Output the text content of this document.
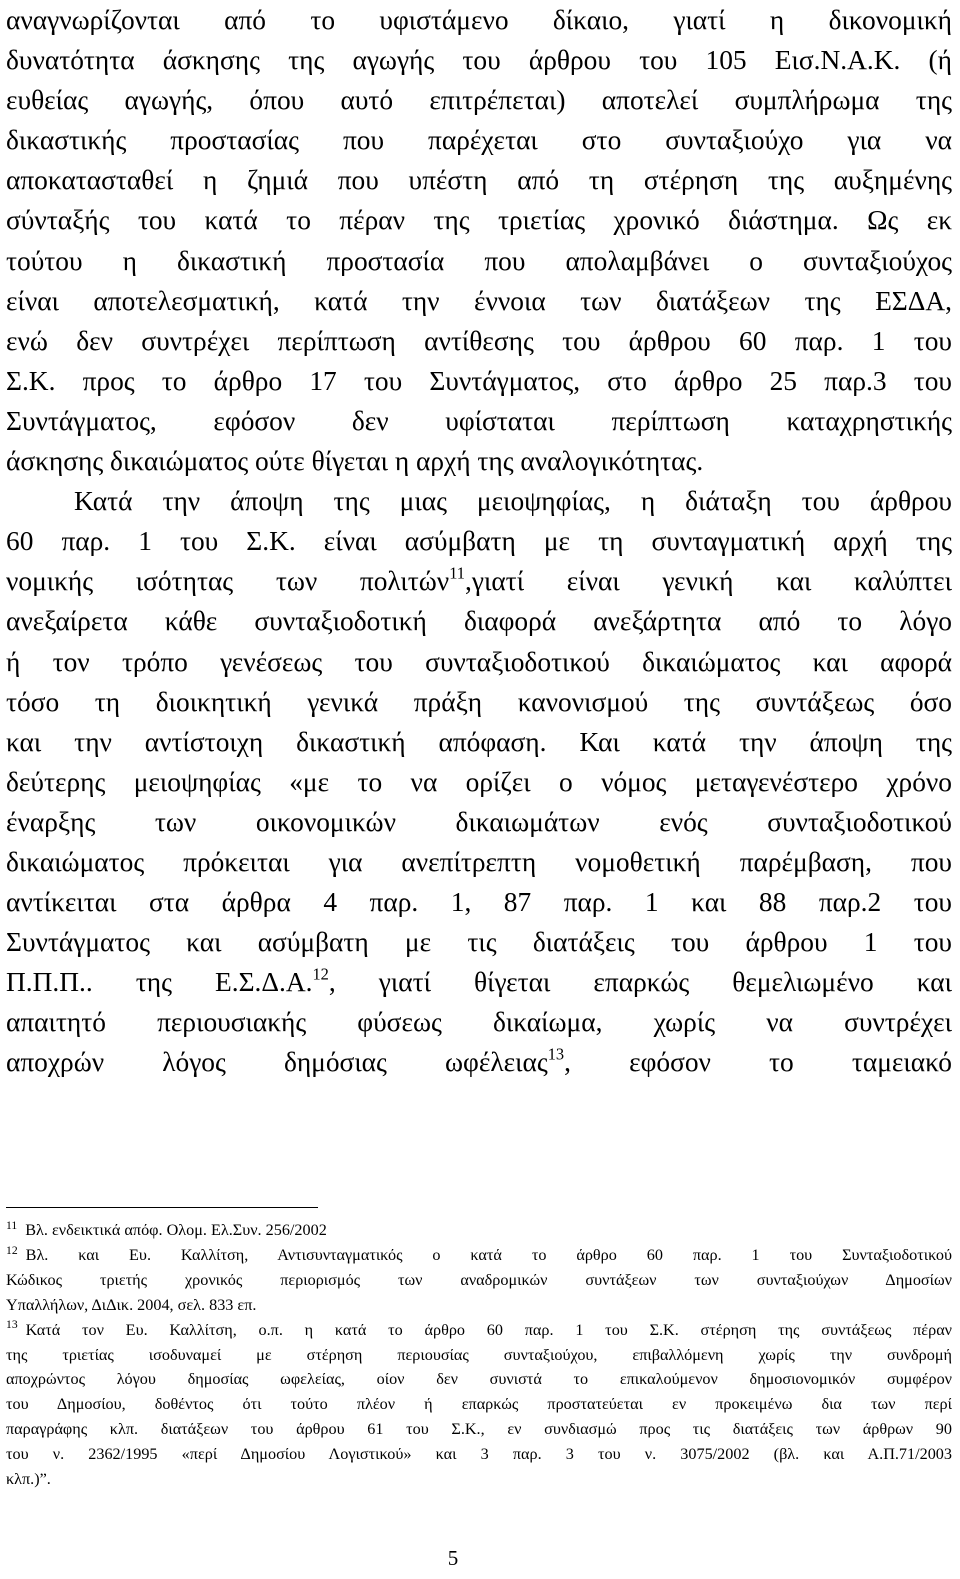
αναγνωρίζονται από το υφιστάμενο δίκαιο, γιατί η δικονομική
δυνατότητα άσκησης της αγωγής του άρθρου του 105 Εισ.Ν.Α.Κ. (ή
ευθείας αγωγής, όπου αυτό επιτρέπεται) αποτελεί συμπλήρωμα της
δικαστικής προστασίας που παρέχεται στο συνταξιούχο για να
αποκατασταθεί η ζημιά που υπέστη από τη στέρηση της αυξημένης
σύνταξής του κατά το πέραν της τριετίας χρονικό διάστημα. Ως εκ
τούτου η δικαστική προστασία που απολαμβάνει ο συνταξιούχος
είναι αποτελεσματική, κατά την έννοια των διατάξεων της ΕΣΔΑ,
ενώ δεν συντρέχει περίπτωση αντίθεσης του άρθρου 60 παρ. 1 του
Σ.Κ. προς το άρθρο 17 του Συντάγματος, στο άρθρο 25 παρ.3 του
Συντάγματος, εφόσον δεν υφίσταται περίπτωση καταχρηστικής
άσκησης δικαιώματος ούτε θίγεται η αρχή της αναλογικότητας.
Κατά την άποψη της μιας μειοψηφίας, η διάταξη του άρθρου
60 παρ. 1 του Σ.Κ. είναι ασύμβατη με τη συνταγματική αρχή της
νομικής ισότητας των πολιτών$^{11}$,γιατί είναι γενική και καλύπτει
ανεξαίρετα κάθε συνταξιοδοτική διαφορά ανεξάρτητα από το λόγο
ή τον τρόπο γενέσεως του συνταξιοδοτικού δικαιώματος και αφορά
τόσο τη διοικητική γενικά πράξη κανονισμού της συντάξεως όσο
και την αντίστοιχη δικαστική απόφαση. Και κατά την άποψη της
δεύτερης μειοψηφίας «με το να ορίζει ο νόμος μεταγενέστερο χρόνο
έναρξης των οικονομικών δικαιωμάτων ενός συνταξιοδοτικού
δικαιώματος πρόκειται για ανεπίτρεπτη νομοθετική παρέμβαση, που
αντίκειται στα άρθρα 4 παρ. 1, 87 παρ. 1 και 88 παρ.2 του
Συντάγματος και ασύμβατη με τις διατάξεις του άρθρου 1 του
Π.Π.Π.. της Ε.Σ.Δ.Α.$^{12}$, γιατί θίγεται επαρκώς θεμελιωμένο και
απαιτητό περιουσιακής φύσεως δικαίωμα, χωρίς να συντρέχει
αποχρών λόγος δημόσιας ωφέλειας$^{13}$, εφόσον το ταμειακό
$^{11}$ Βλ. ενδεικτικά απόφ. Ολομ. Ελ.Συν. 256/2002
$^{12}$ Βλ. και Ευ. Καλλίτση, Αντισυνταγματικός ο κατά το άρθρο 60 παρ. 1 του Συνταξιοδοτικού
Κώδικος τριετής χρονικός περιορισμός των αναδρομικών συντάξεων των συνταξιούχων Δημοσίων
Υπαλλήλων, ΔιΔικ. 2004, σελ. 833 επ.
$^{13}$ Κατά τον Ευ. Καλλίτση, ο.π. η κατά το άρθρο 60 παρ. 1 του Σ.Κ. στέρηση της συντάξεως πέραν
της τριετίας ισοδυναμεί με στέρηση περιουσίας συνταξιούχου, επιβαλλόμενη χωρίς την συνδρομή
αποχρώντος λόγου δημοσίας ωφελείας, οίον δεν συνιστά το επικαλούμενον δημοσιονομικόν συμφέρον
του Δημοσίου, δοθέντος ότι τούτο πλέον ή επαρκώς προστατεύεται εν προκειμένω δια των περί
παραγράφης κλπ. διατάξεων του άρθρου 61 του Σ.Κ., εν συνδιασμώ προς τις διατάξεις των άρθρων 90
του ν. 2362/1995 «περί Δημοσίου Λογιστικού» και 3 παρ. 3 του ν. 3075/2002 (βλ. και Α.Π.71/2003
κλπ.)”.
5
